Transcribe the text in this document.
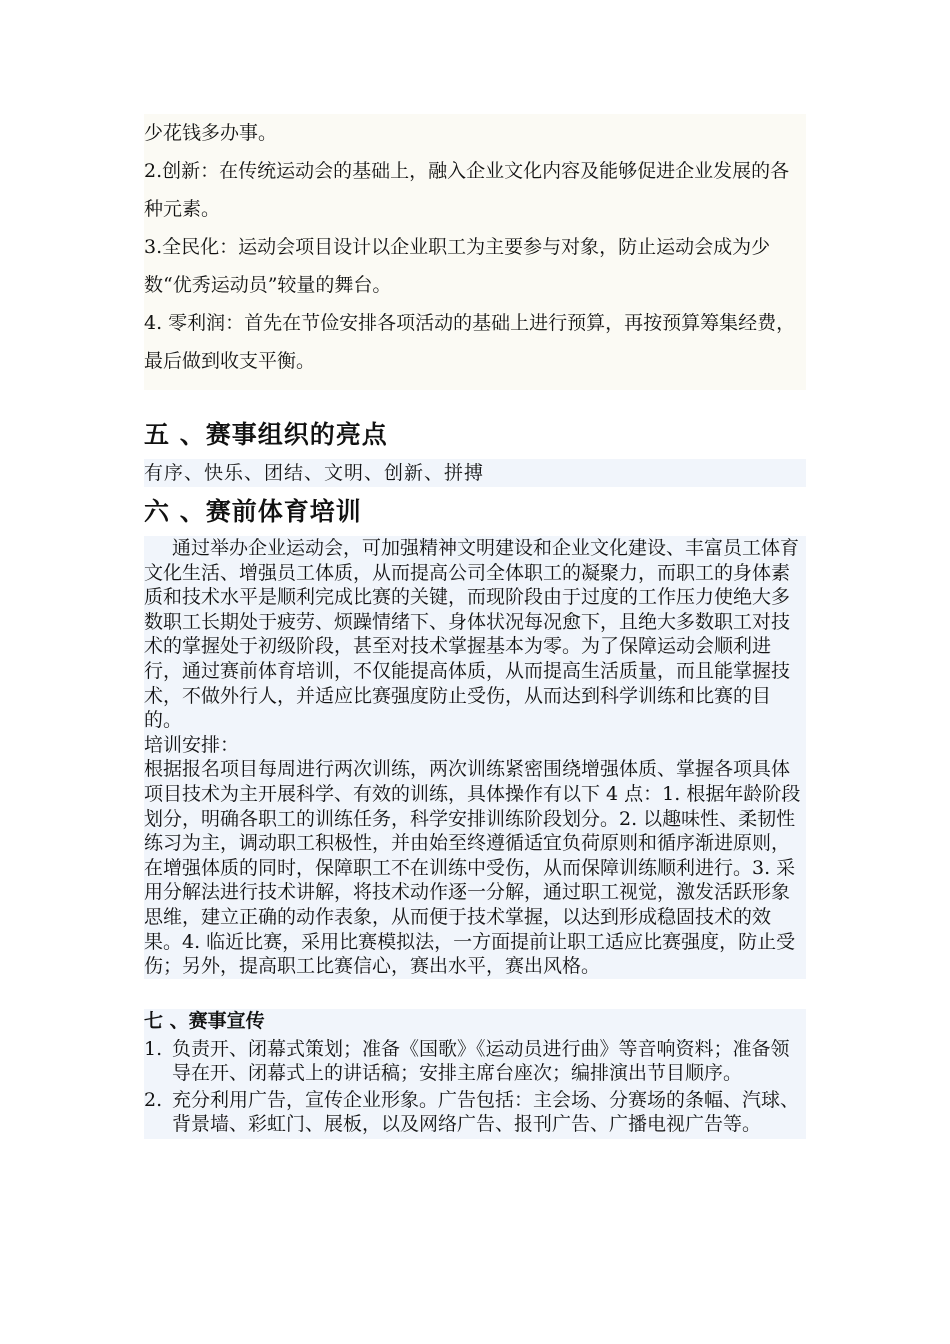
少花钱多办事。
2.创新：在传统运动会的基础上，融入企业文化内容及能够促进企业发展的各种元素。
3.全民化：运动会项目设计以企业职工为主要参与对象，防止运动会成为少数“优秀运动员”较量的舞台。
4. 零利润：首先在节俭安排各项活动的基础上进行预算，再按预算筹集经费，最后做到收支平衡。
五 、赛事组织的亮点
有序、快乐、团结、文明、创新、拼搏
六 、赛前体育培训
通过举办企业运动会，可加强精神文明建设和企业文化建设、丰富员工体育文化生活、增强员工体质，从而提高公司全体职工的凝聚力，而职工的身体素质和技术水平是顺利完成比赛的关键，而现阶段由于过度的工作压力使绝大多数职工长期处于疲劳、烦躁情绪下、身体状况每况愈下，且绝大多数职工对技术的掌握处于初级阶段，甚至对技术掌握基本为零。为了保障运动会顺利进行，通过赛前体育培训，不仅能提高体质，从而提高生活质量，而且能掌握技术，不做外行人，并适应比赛强度防止受伤，从而达到科学训练和比赛的目的。
培训安排：
根据报名项目每周进行两次训练，两次训练紧密围绕增强体质、掌握各项具体项目技术为主开展科学、有效的训练，具体操作有以下 4 点：1. 根据年龄阶段划分，明确各职工的训练任务，科学安排训练阶段划分。2. 以趣味性、柔韧性练习为主，调动职工积极性，并由始至终遵循适宜负荷原则和循序渐进原则，在增强体质的同时，保障职工不在训练中受伤，从而保障训练顺利进行。3. 采用分解法进行技术讲解，将技术动作逐一分解，通过职工视觉，激发活跃形象思维，建立正确的动作表象，从而便于技术掌握，以达到形成稳固技术的效果。4. 临近比赛，采用比赛模拟法，一方面提前让职工适应比赛强度，防止受伤；另外，提高职工比赛信心，赛出水平，赛出风格。
七 、赛事宣传
1. 负责开、闭幕式策划；准备《国歌》《运动员进行曲》等音响资料；准备领导在开、闭幕式上的讲话稿；安排主席台座次；编排演出节目顺序。
2. 充分利用广告，宣传企业形象。广告包括：主会场、分赛场的条幅、汽球、背景墙、彩虹门、展板，以及网络广告、报刊广告、广播电视广告等。
